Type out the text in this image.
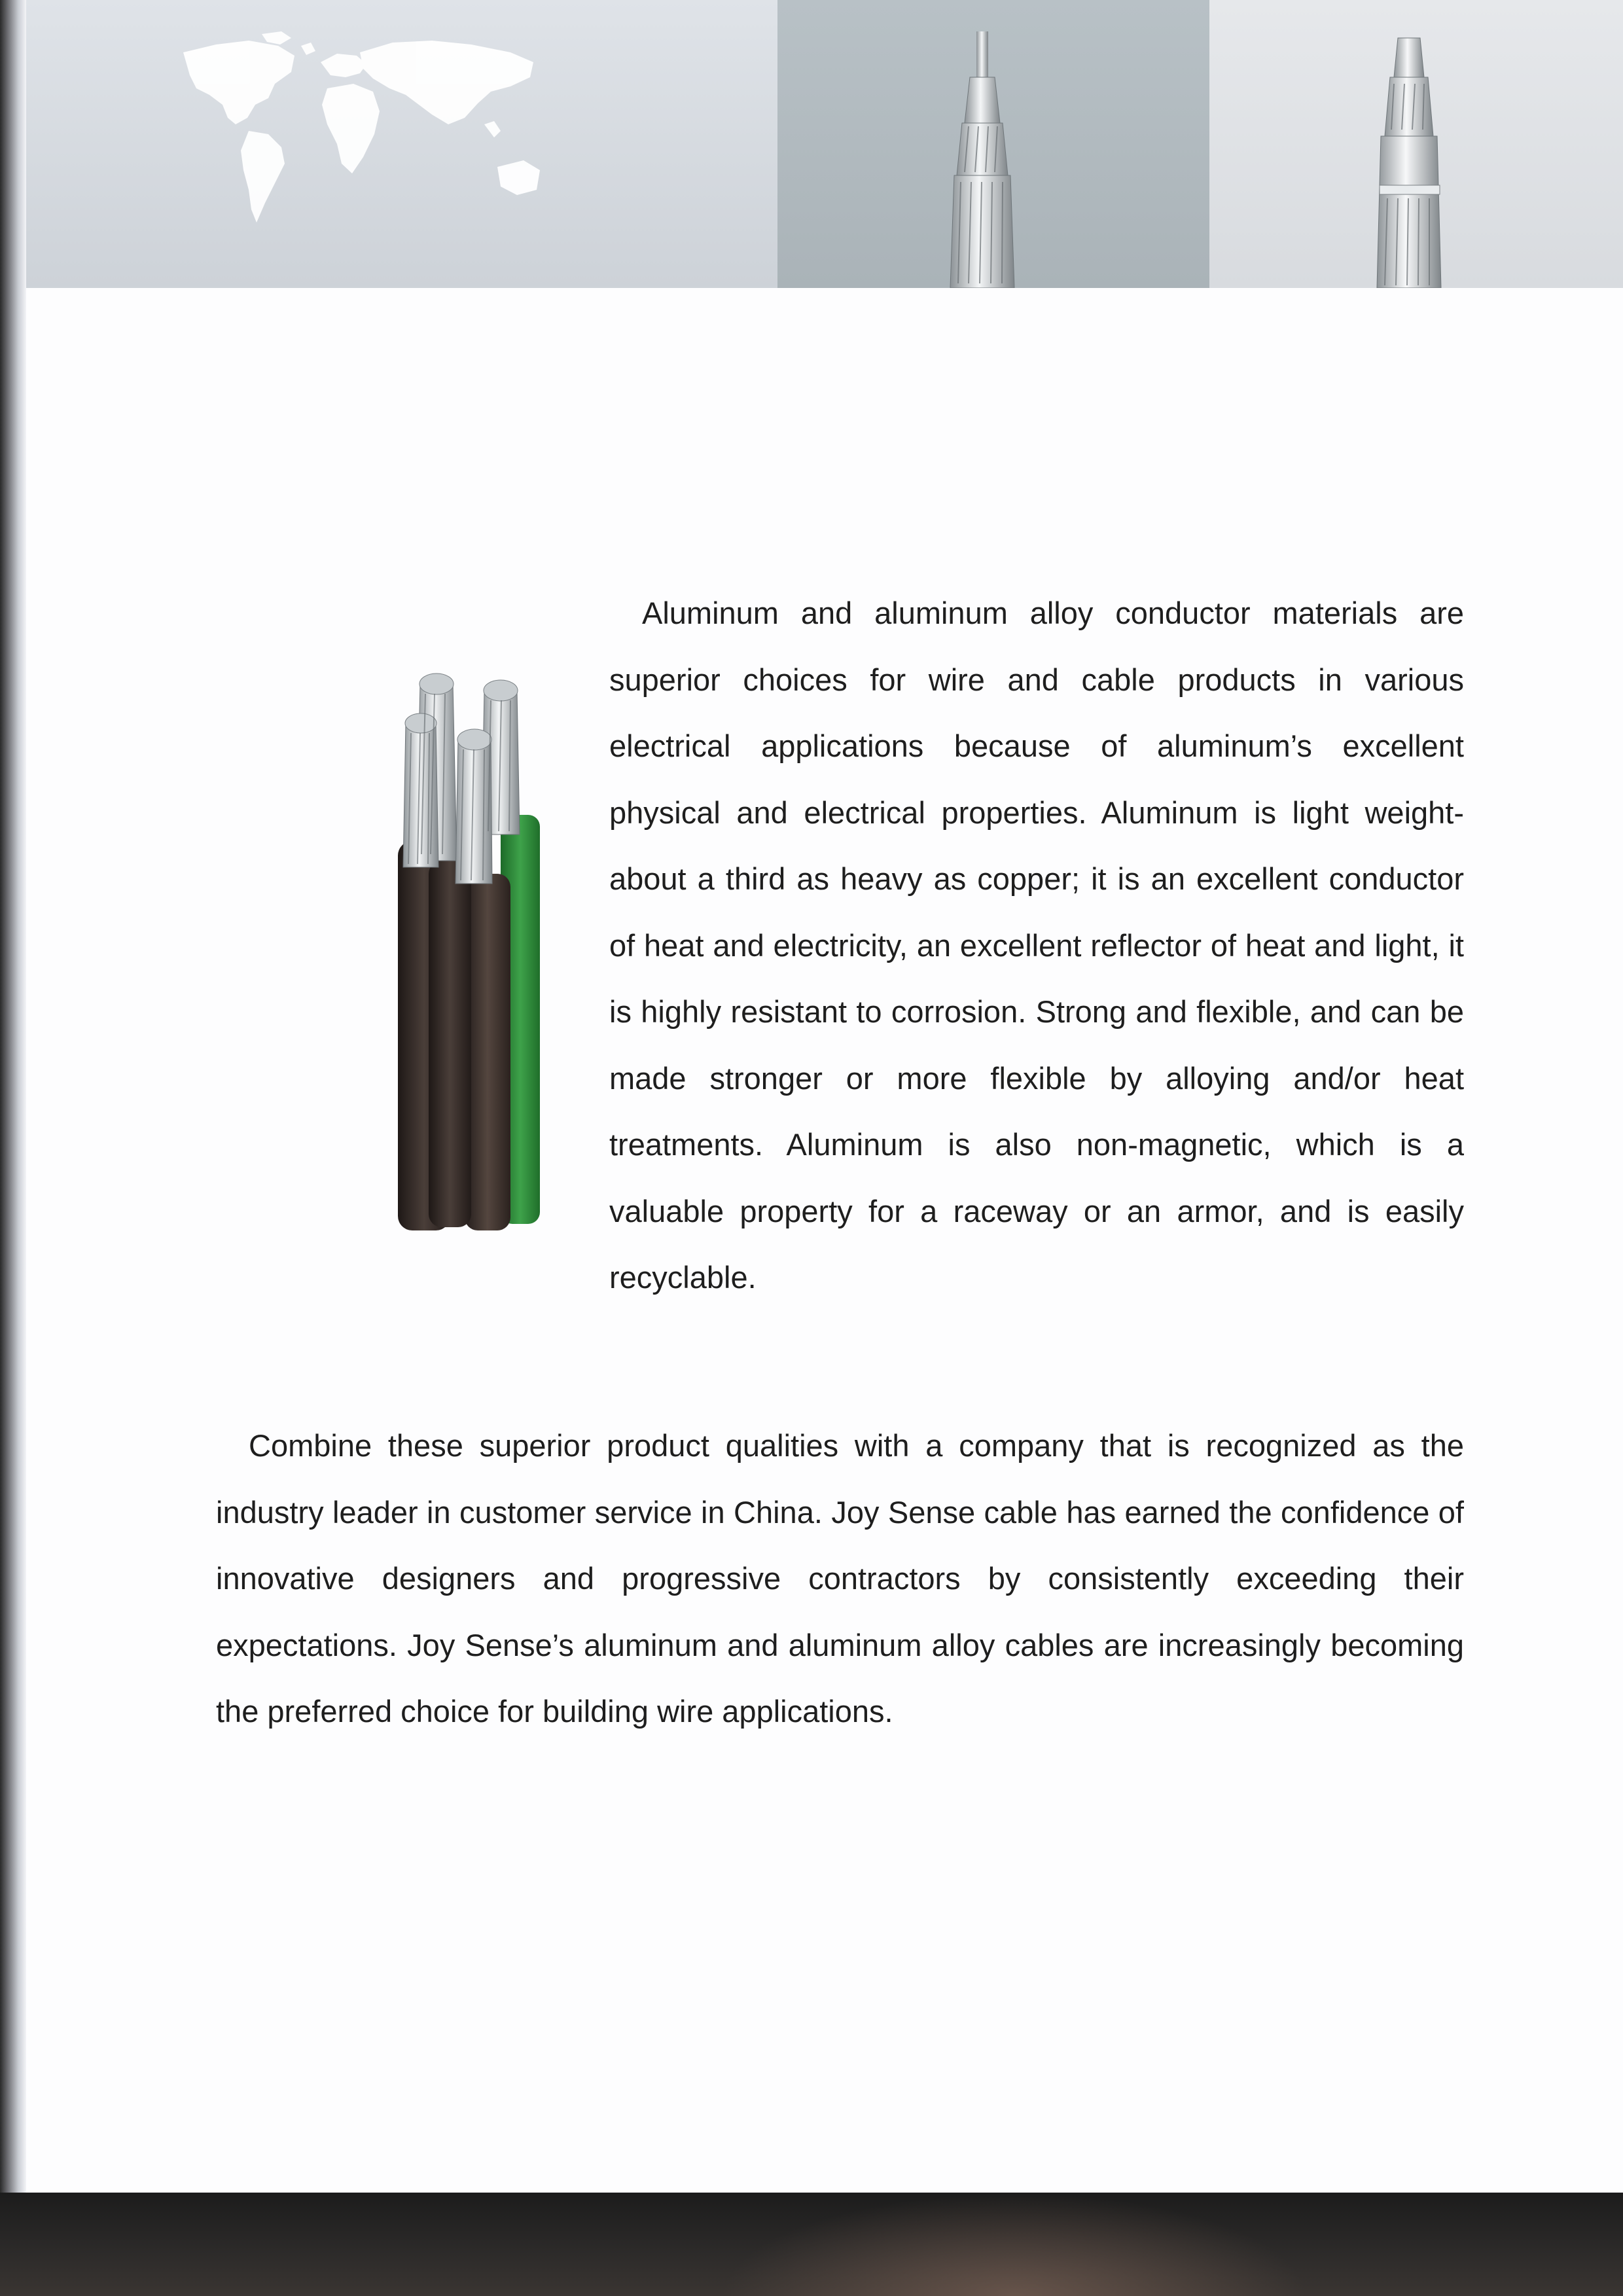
Aluminum and aluminum alloy conductor materials are superior choices for wire and cable products in various electrical applications because of aluminum’s excellent physical and electrical properties. Aluminum is light weight-about a third as heavy as copper; it is an excellent conductor of heat and electricity, an excellent reflector of heat and light, it is highly resistant to corrosion. Strong and flexible, and can be made stronger or more flexible by alloying and/or heat treatments. Aluminum is also non-magnetic, which is a valuable property for a raceway or an armor, and is easily recyclable.

Combine these superior product qualities with a company that is recognized as the industry leader in customer service in China. Joy Sense cable has earned the confidence of innovative designers and progressive contractors by consistently exceeding their expectations. Joy Sense’s aluminum and aluminum alloy cables are increasingly becoming the preferred choice for building wire applications.
